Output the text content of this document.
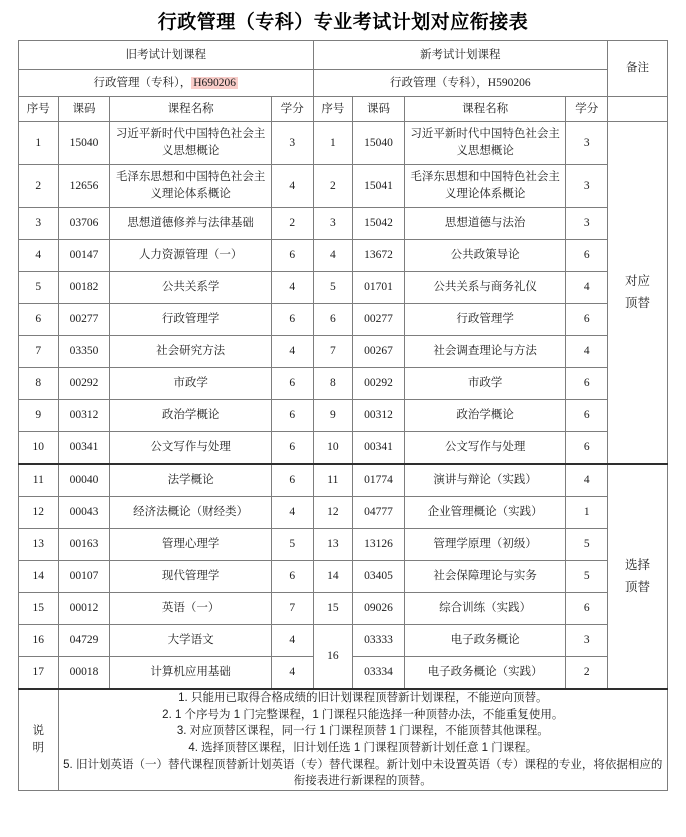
行政管理（专科）专业考试计划对应衔接表
旧考试计划课程				新考试计划课程				备注
行政管理（专科）， H690206				行政管理（专科），H590206				
序号	课码	课程名称	学分	序号	课码	课程名称	学分	
1	15040	习近平新时代中国特色社会主义思想概论	3	1	15040	习近平新时代中国特色社会主义思想概论	3	对应
顶替

2	12656	毛泽东思想和中国特色社会主义理论体系概论	4	2	15041	毛泽东思想和中国特色社会主义理论体系概论	3	
3	03706	思想道德修养与法律基础	2	3	15042	思想道德与法治	3	
4	00147	人力资源管理（一）	6	4	13672	公共政策导论	6	
5	00182	公共关系学	4	5	01701	公共关系与商务礼仪	4	
6	00277	行政管理学	6	6	00277	行政管理学	6	
7	03350	社会研究方法	4	7	00267	社会调查理论与方法	4	
8	00292	市政学	6	8	00292	市政学	6	
9	00312	政治学概论	6	9	00312	政治学概论	6	
10	00341	公文写作与处理	6	10	00341	公文写作与处理	6	
11	00040	法学概论	6	11	01774	演讲与辩论（实践）	4	选择
顶替

12	00043	经济法概论（财经类）	4	12	04777	企业管理概论（实践）	1	
13	00163	管理心理学	5	13	13126	管理学原理（初级）	5	
14	00107	现代管理学	6	14	03405	社会保障理论与实务	5	
15	00012	英语（一）	7	15	09026	综合训练（实践）	6	
16	04729	大学语文	4	16	03333	电子政务概论	3	
17	00018	计算机应用基础	4		03334	电子政务概论（实践）	2	

说
明

1. 只能用已取得合格成绩的旧计划课程顶替新计划课程，不能逆向顶替。
2. 1 个序号为 1 门完整课程，1 门课程只能选择一种顶替办法，不能重复使用。
3. 对应顶替区课程，同一行 1 门课程顶替 1 门课程，不能顶替其他课程。
4. 选择顶替区课程，旧计划任选 1 门课程顶替新计划任意 1 门课程。
5. 旧计划英语（一）替代课程顶替新计划英语（专）替代课程。新计划中未设置英语（专）课程的专业，将依据相应的衔接表进行新课程的顶替。
